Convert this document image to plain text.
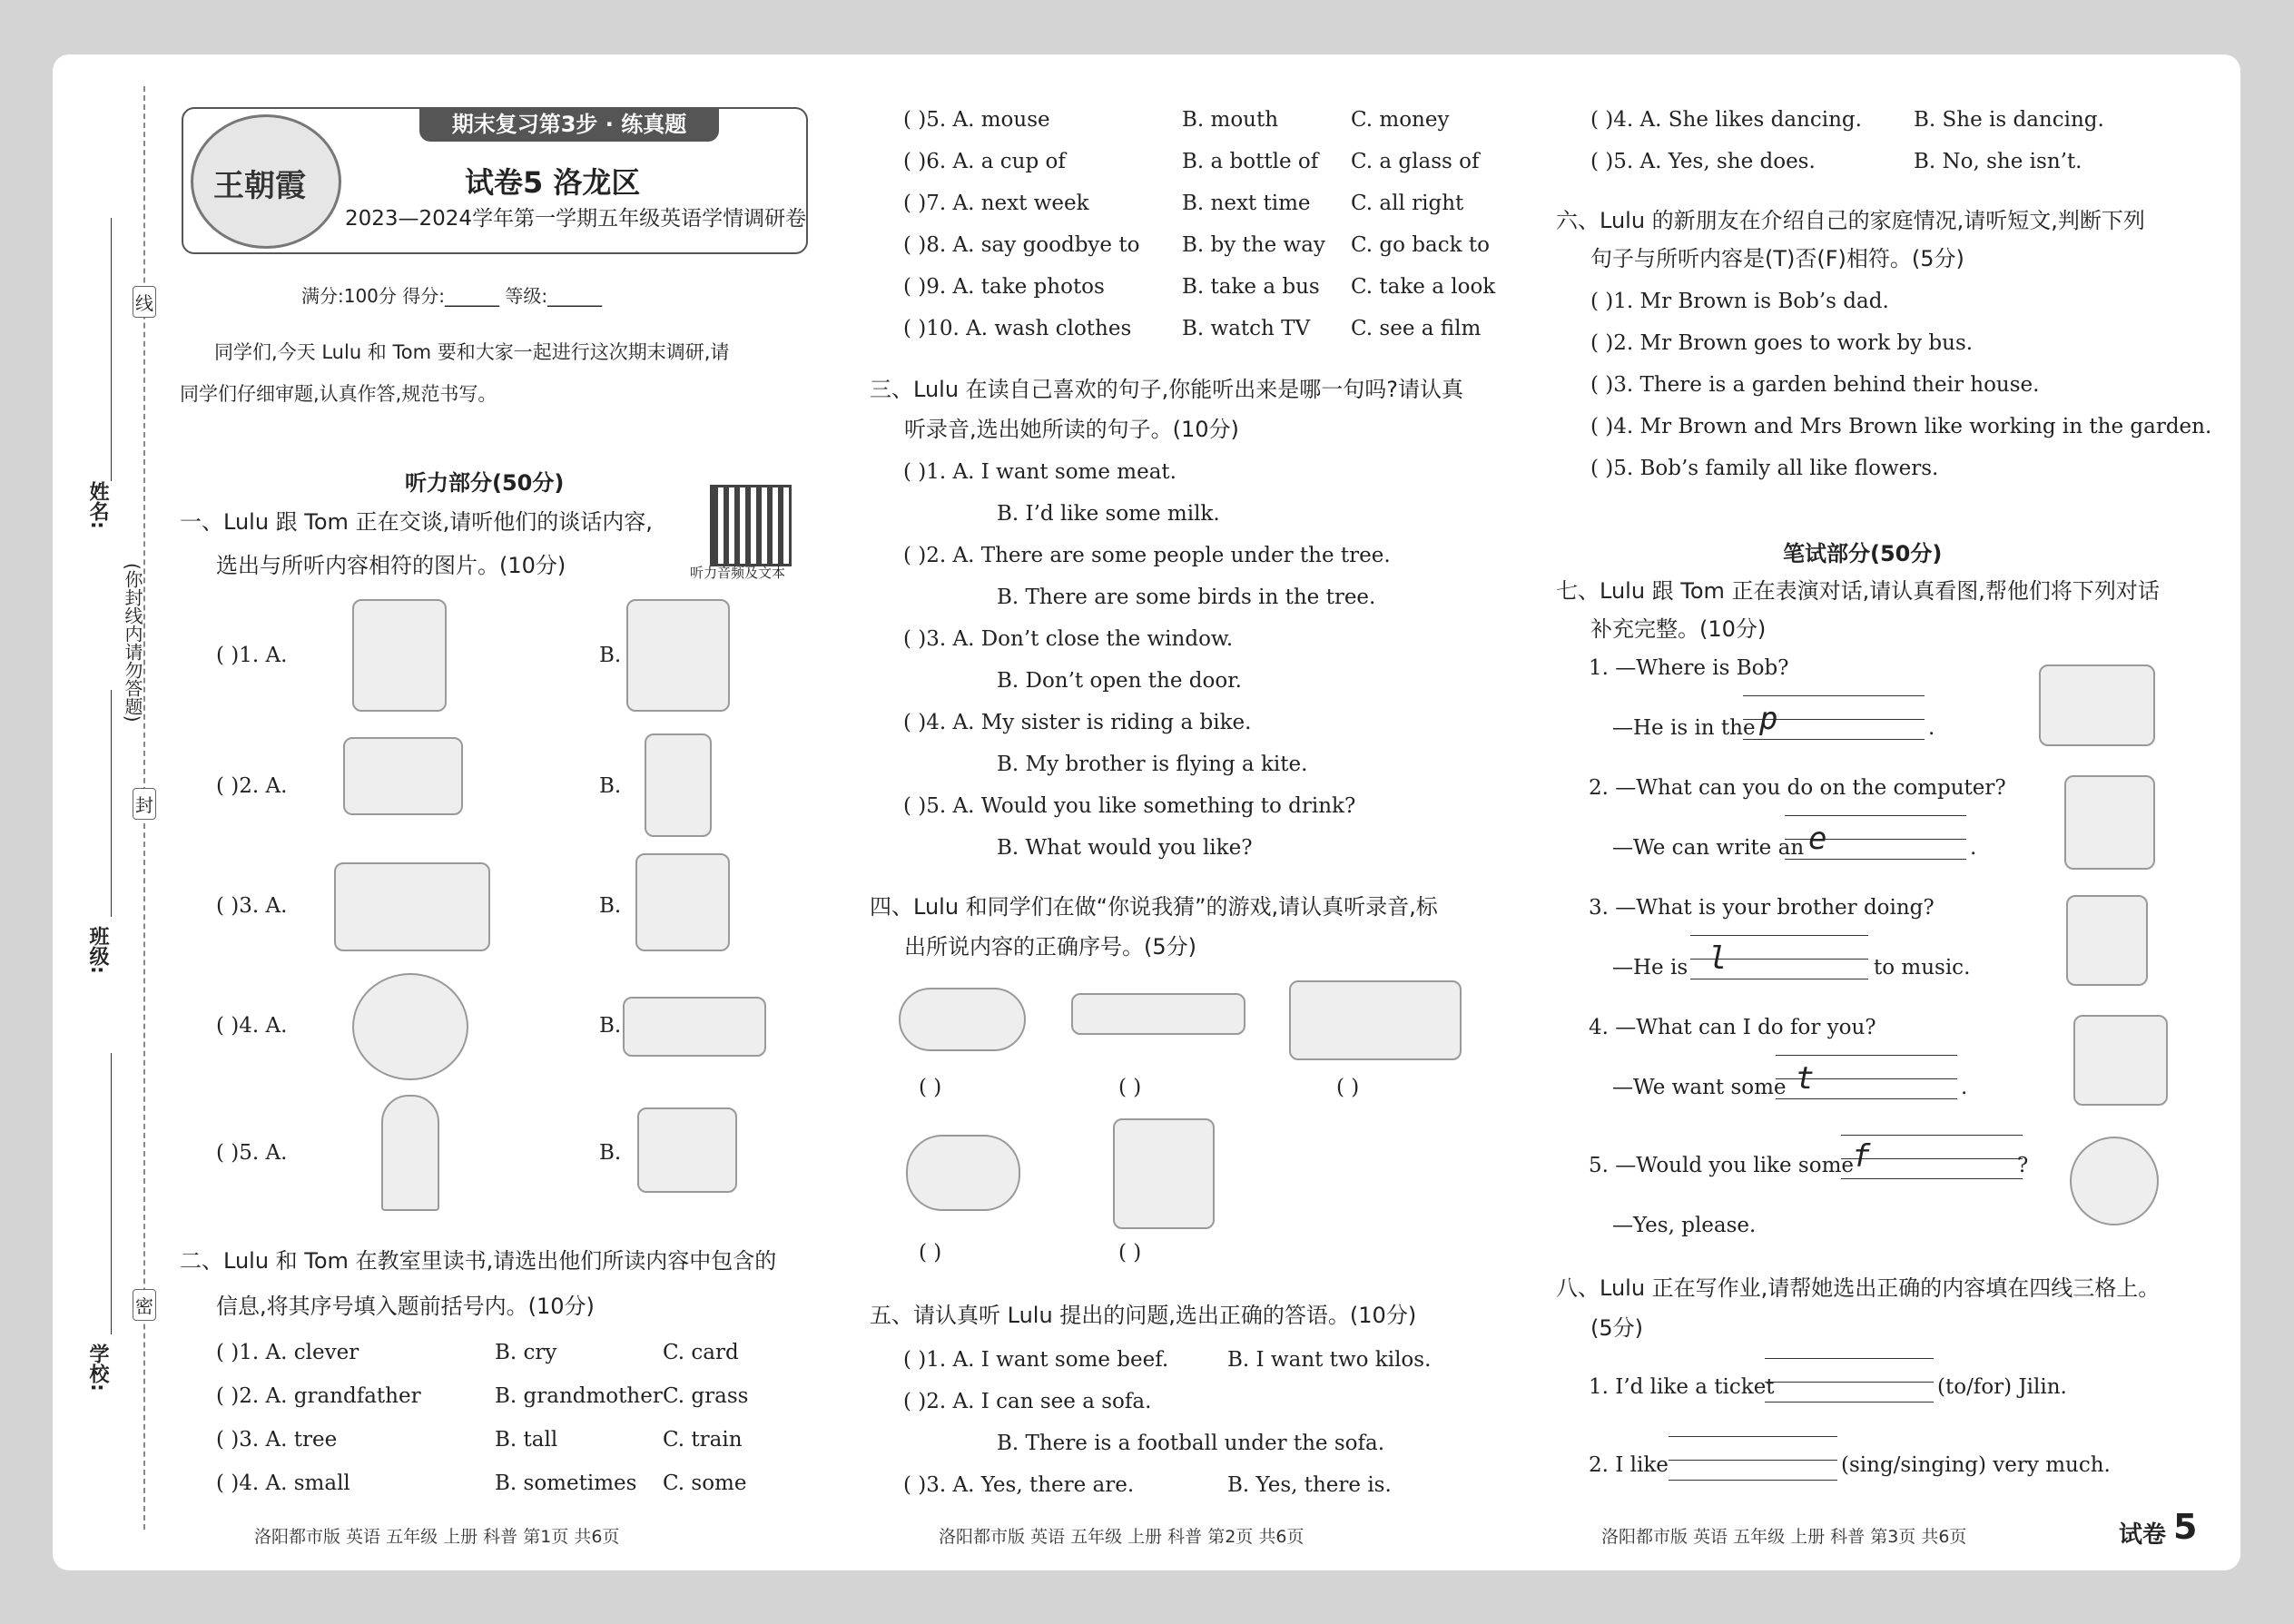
线
封
密
(你封线内请勿答题)
姓名:
班级:
学校:
王朝霞
期末复习第3步 · 练真题
试卷5 洛龙区
2023—2024学年第一学期五年级英语学情调研卷
满分:100分 得分:______ 等级:______
同学们,今天 Lulu 和 Tom 要和大家一起进行这次期末调研,请
同学们仔细审题,认真作答,规范书写。
听力部分(50分)
听力音频及文本
一、Lulu 跟 Tom 正在交谈,请听他们的谈话内容,
选出与所听内容相符的图片。(10分)
( )1. A.	B.
( )2. A.	B.
( )3. A.	B.
( )4. A.	B.
( )5. A.	B.
二、Lulu 和 Tom 在教室里读书,请选出他们所读内容中包含的
信息,将其序号填入题前括号内。(10分)
( )1. A. clever	B. cry	C. card
( )2. A. grandfather	B. grandmother C. grass
( )3. A. tree	B. tall	C. train
( )4. A. small	B. sometimes C. some
洛阳都市版 英语 五年级 上册 科普 第1页 共6页
( )5. A. mouse	B. mouth	C. money
( )6. A. a cup of	B. a bottle of C. a glass of
( )7. A. next week	B. next time C. all right
( )8. A. say goodbye to B. by the way C. go back to
( )9. A. take photos	B. take a bus C. take a look
( )10. A. wash clothes B. watch TV C. see a film
三、Lulu 在读自己喜欢的句子,你能听出来是哪一句吗?请认真
听录音,选出她所读的句子。(10分)
( )1. A. I want some meat.
B. I’d like some milk.
( )2. A. There are some people under the tree.
B. There are some birds in the tree.
( )3. A. Don’t close the window.
B. Don’t open the door.
( )4. A. My sister is riding a bike.
B. My brother is flying a kite.
( )5. A. Would you like something to drink?
B. What would you like?
四、Lulu 和同学们在做“你说我猜”的游戏,请认真听录音,标
出所说内容的正确序号。(5分)
( )	( )	( )
( )	( )
五、请认真听 Lulu 提出的问题,选出正确的答语。(10分)
( )1. A. I want some beef.	B. I want two kilos.
( )2. A. I can see a sofa.
B. There is a football under the sofa.
( )3. A. Yes, there are.	B. Yes, there is.
洛阳都市版 英语 五年级 上册 科普 第2页 共6页
( )4. A. She likes dancing. B. She is dancing.
( )5. A. Yes, she does.	B. No, she isn’t.
六、Lulu 的新朋友在介绍自己的家庭情况,请听短文,判断下列
句子与所听内容是(T)否(F)相符。(5分)
( )1. Mr Brown is Bob’s dad.
( )2. Mr Brown goes to work by bus.
( )3. There is a garden behind their house.
( )4. Mr Brown and Mrs Brown like working in the garden.
( )5. Bob’s family all like flowers.
笔试部分(50分)
七、Lulu 跟 Tom 正在表演对话,请认真看图,帮他们将下列对话
补充完整。(10分)
1. —Where is Bob?
—He is in the p	.
2. —What can you do on the computer?
—We can write an e	.
3. —What is your brother doing?
—He is l	to music.
4. —What can I do for you?
—We want some t	.
5. —Would you like some
f	?
—Yes, please.
八、Lulu 正在写作业,请帮她选出正确的内容填在四线三格上。
(5分)
1. I’d like a ticket	(to/for) Jilin.
2. I like	(sing/singing) very much.
洛阳都市版 英语 五年级 上册 科普 第3页 共6页	试卷 5
